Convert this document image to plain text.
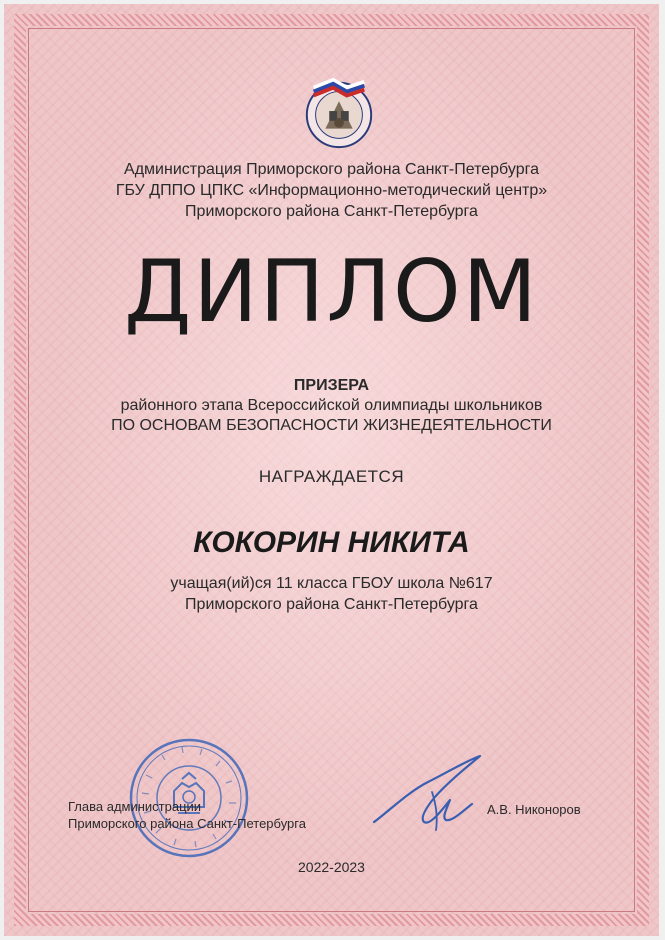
Администрация Приморского района Санкт-Петербурга
ГБУ ДППО ЦПКС «Информационно-методический центр»
Приморского района Санкт-Петербурга
ДИПЛОМ
ПРИЗЕРА
районного этапа Всероссийской олимпиады школьников
ПО ОСНОВАМ БЕЗОПАСНОСТИ ЖИЗНЕДЕЯТЕЛЬНОСТИ
НАГРАЖДАЕТСЯ
КОКОРИН НИКИТА
учащая(ий)ся 11 класса ГБОУ школа №617
Приморского района Санкт-Петербурга
Глава администрации
Приморского района Санкт-Петербурга
А.В. Никоноров
2022-2023
